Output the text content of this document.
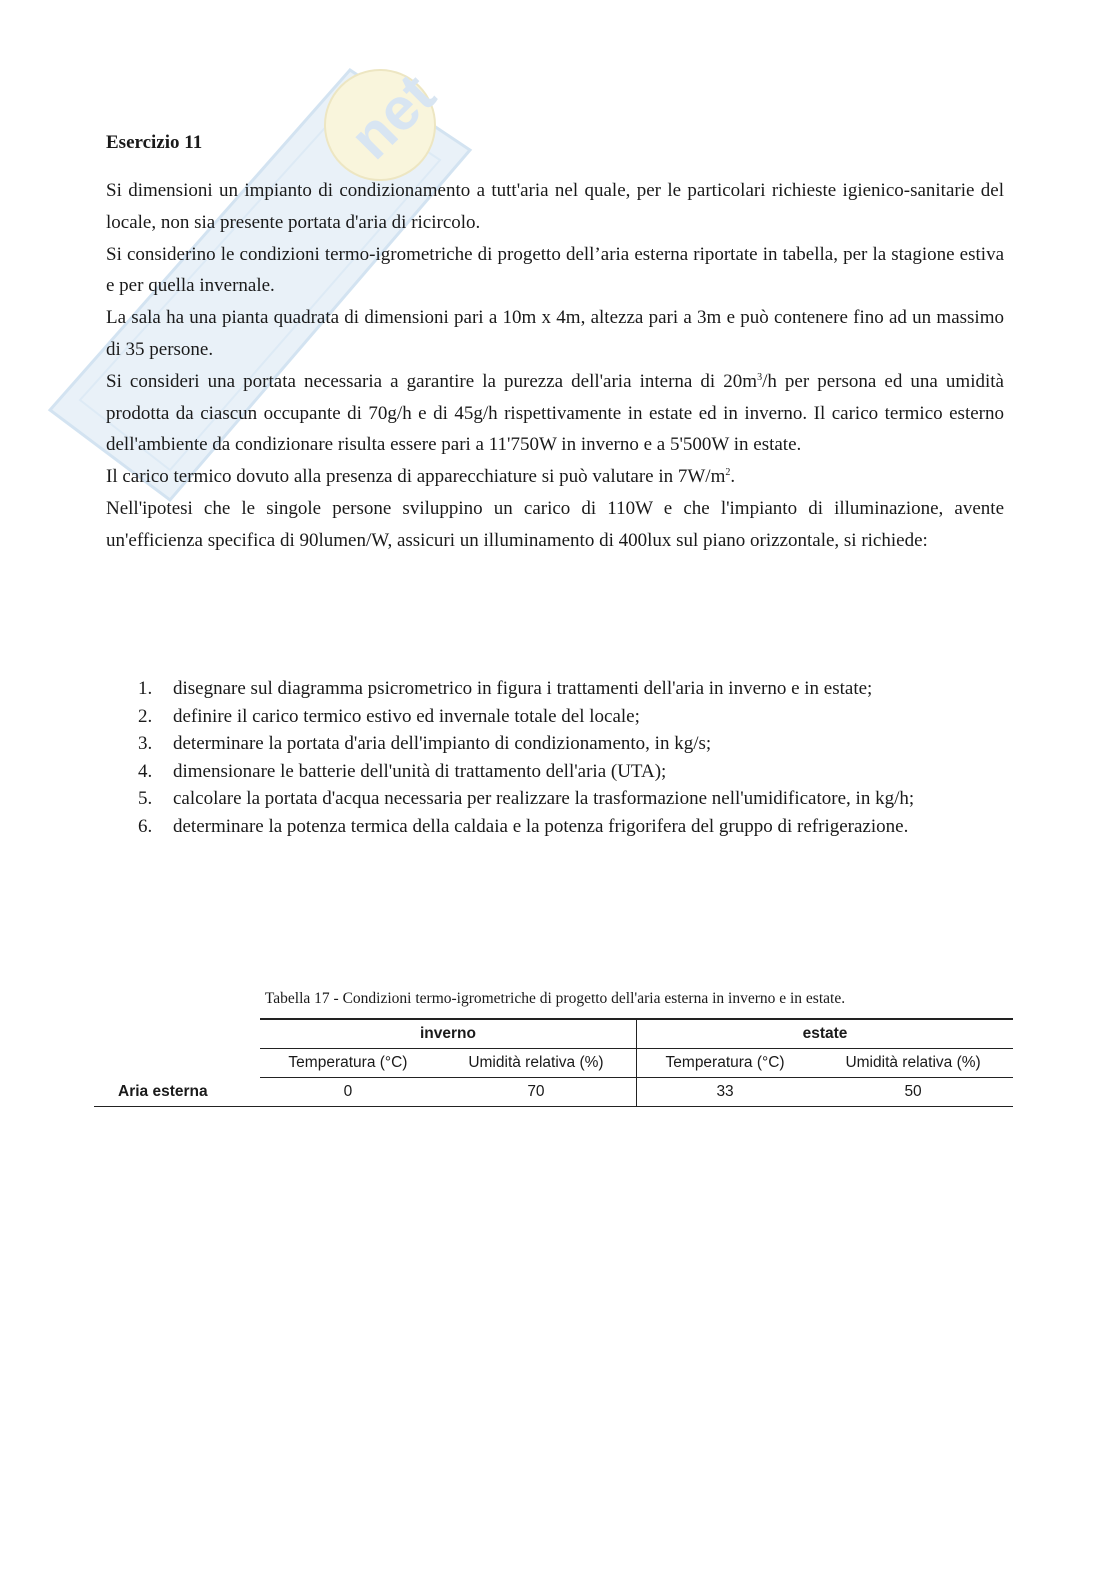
net
Esercizio 11

Si dimensioni un impianto di condizionamento a tutt'aria nel quale, per le particolari richieste igienico-sanitarie del locale, non sia presente portata d'aria di ricircolo.

Si considerino le condizioni termo-igrometriche di progetto dell’aria esterna riportate in tabella, per la stagione estiva e per quella invernale.

La sala ha una pianta quadrata di dimensioni pari a 10m x 4m, altezza pari a 3m e può contenere fino ad un massimo di 35 persone.

Si consideri una portata necessaria a garantire la purezza dell'aria interna di $20m^3/h$ per persona ed una umidità prodotta da ciascun occupante di 70g/h e di 45g/h rispettivamente in estate ed in inverno. Il carico termico esterno dell'ambiente da condizionare risulta essere pari a 11'750W in inverno e a 5'500W in estate.

Il carico termico dovuto alla presenza di apparecchiature si può valutare in $7W/m^2$.

Nell'ipotesi che le singole persone sviluppino un carico di 110W e che l'impianto di illuminazione, avente un'efficienza specifica di 90lumen/W, assicuri un illuminamento di 400lux sul piano orizzontale, si richiede:

1. disegnare sul diagramma psicrometrico in figura i trattamenti dell'aria in inverno e in estate;
2. definire il carico termico estivo ed invernale totale del locale;
3. determinare la portata d'aria dell'impianto di condizionamento, in kg/s;
4. dimensionare le batterie dell'unità di trattamento dell'aria (UTA);
5. calcolare la portata d'acqua necessaria per realizzare la trasformazione nell'umidificatore, in kg/h;
6. determinare la potenza termica della caldaia e la potenza frigorifera del gruppo di refrigerazione.
Tabella 17 - Condizioni termo-igrometriche di progetto dell'aria esterna in inverno e in estate.
	inverno		estate	
	Temperatura (°C)	Umidità relativa (%)	Temperatura (°C)	Umidità relativa (%)
Aria esterna	0	70	33	50
